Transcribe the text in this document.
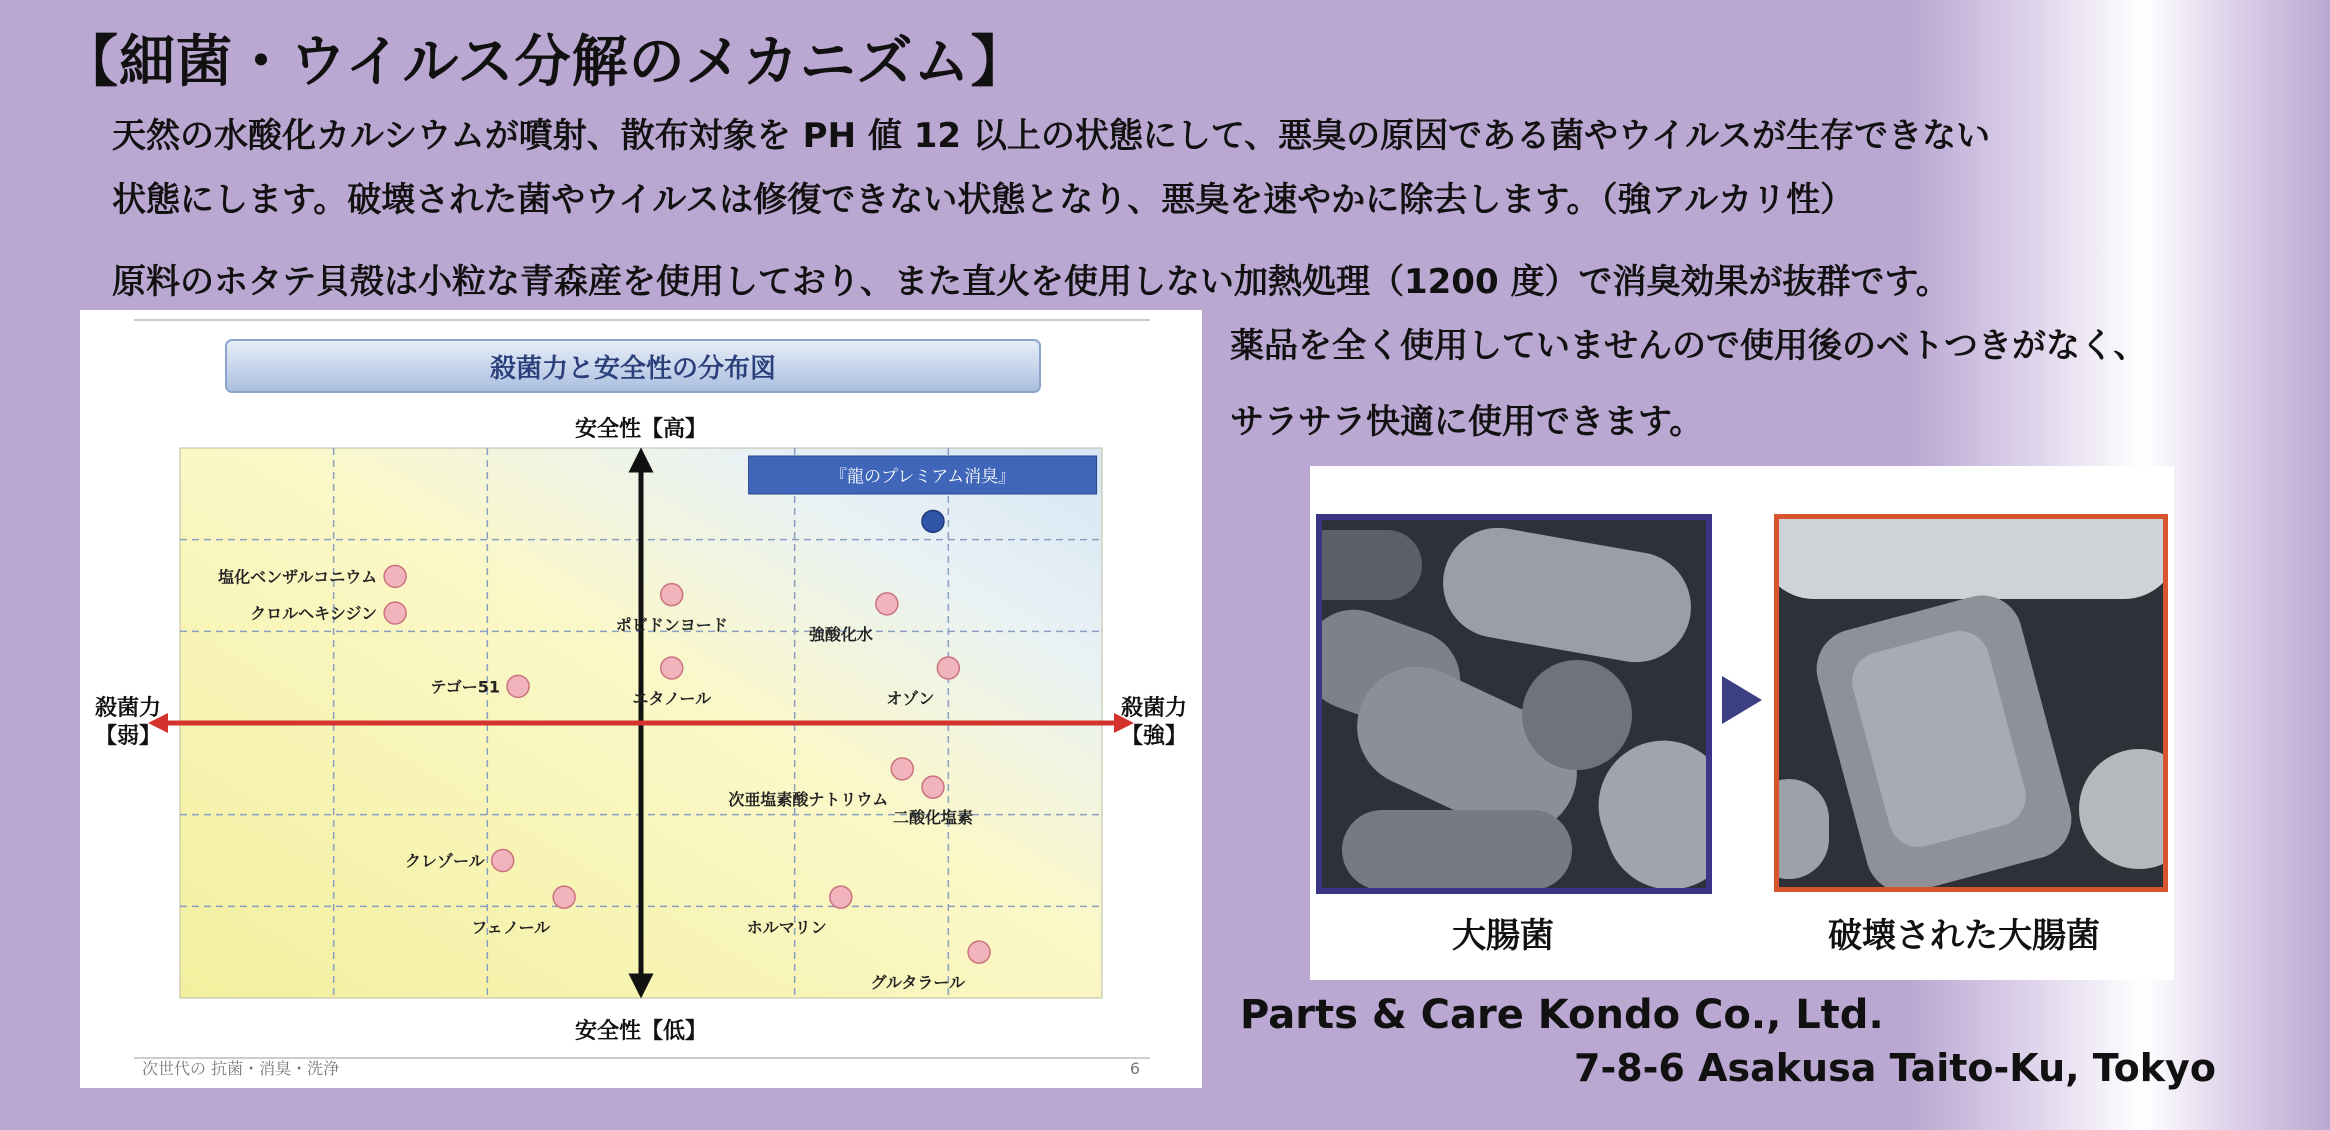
【細菌・ウイルス分解のメカニズム】
天然の水酸化カルシウムが噴射、散布対象を PH 値 12 以上の状態にして、悪臭の原因である菌やウイルスが生存できない
状態にします。破壊された菌やウイルスは修復できない状態となり、悪臭を速やかに除去します。（強アルカリ性）
原料のホタテ貝殻は小粒な青森産を使用しており、また直火を使用しない加熱処理（1200 度）で消臭効果が抜群です。
薬品を全く使用していませんので使用後のベトつきがなく、
サラサラ快適に使用できます。
殺菌力と安全性の分布図
『龍のプレミアム消臭』
安全性【高】
安全性【低】
殺菌力【弱】
殺菌力【強】
塩化ベンザルコニウム
クロルヘキシジン
テゴー51
クレゾール
フェノール
ポビドンヨード
エタノール
強酸化水
オゾン
次亜塩素酸ナトリウム
二酸化塩素
ホルマリン
グルタラール
次世代の 抗菌・消臭・洗浄	6
大腸菌	破壊された大腸菌
Parts & Care Kondo Co., Ltd.
7-8-6 Asakusa Taito-Ku, Tokyo
